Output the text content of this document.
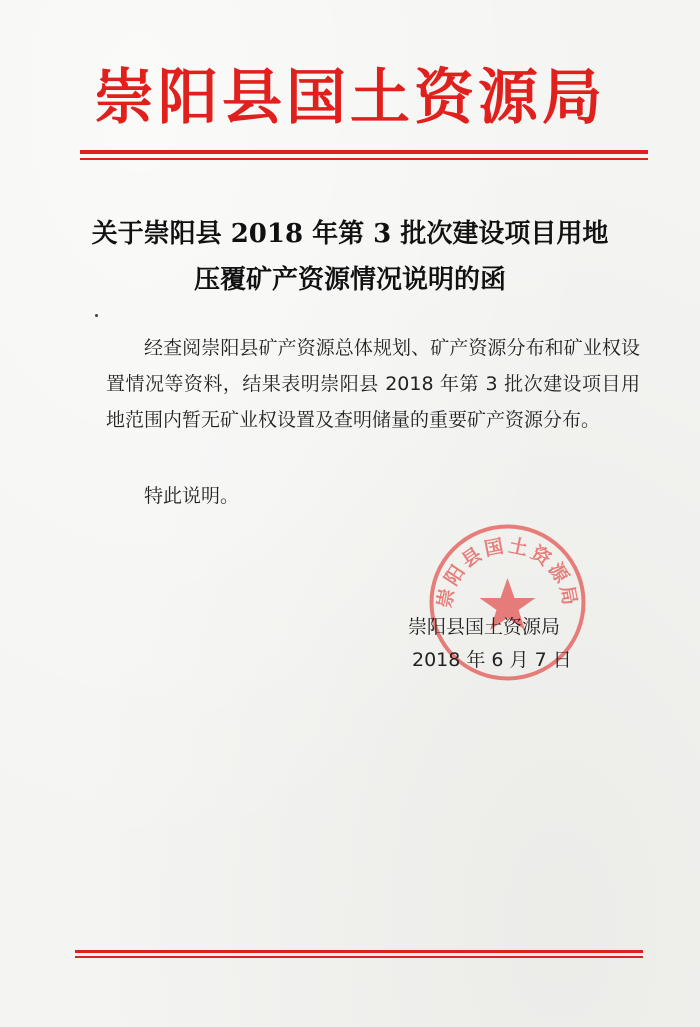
崇阳县国土资源局
关于崇阳县 2018 年第 3 批次建设项目用地
压覆矿产资源情况说明的函

经查阅崇阳县矿产资源总体规划、矿产资源分布和矿业权设置情况等资料，结果表明崇阳县 2018 年第 3 批次建设项目用地范围内暂无矿业权设置及查明储量的重要矿产资源分布。

特此说明。

崇阳县国土资源局
崇阳县国土资源局
2018 年 6 月 7 日
